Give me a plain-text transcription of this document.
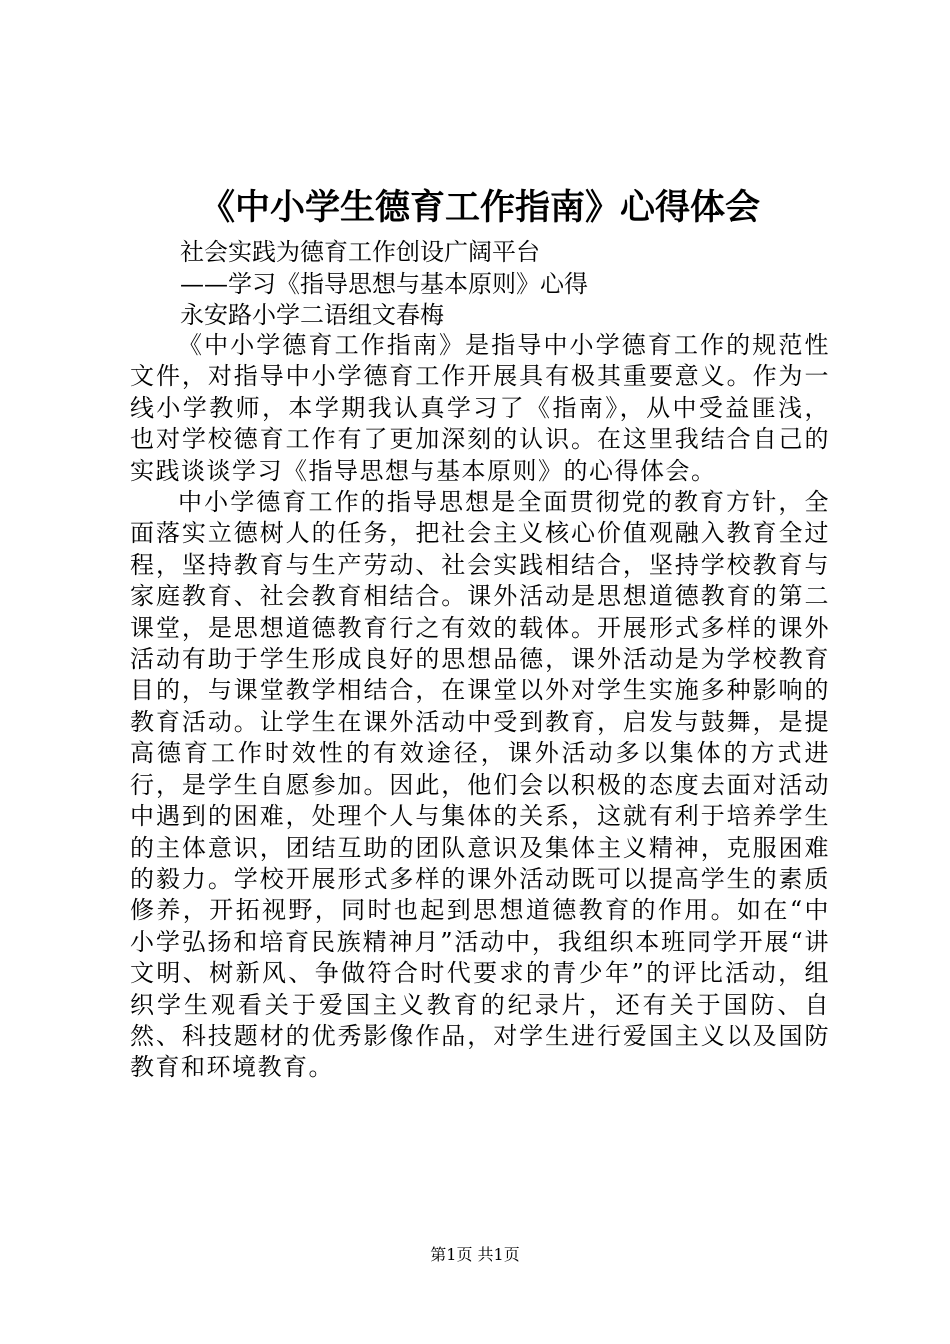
《中小学生德育工作指南》心得体会

社会实践为德育工作创设广阔平台

——学习《指导思想与基本原则》心得

永安路小学二语组文春梅

《中小学德育工作指南》是指导中小学德育工作的规范性文件，对指导中小学德育工作开展具有极其重要意义。作为一线小学教师，本学期我认真学习了《指南》，从中受益匪浅，也对学校德育工作有了更加深刻的认识。在这里我结合自己的实践谈谈学习《指导思想与基本原则》的心得体会。

中小学德育工作的指导思想是全面贯彻党的教育方针，全面落实立德树人的任务，把社会主义核心价值观融入教育全过程，坚持教育与生产劳动、社会实践相结合，坚持学校教育与家庭教育、社会教育相结合。课外活动是思想道德教育的第二课堂，是思想道德教育行之有效的载体。开展形式多样的课外活动有助于学生形成良好的思想品德，课外活动是为学校教育目的，与课堂教学相结合，在课堂以外对学生实施多种影响的教育活动。让学生在课外活动中受到教育，启发与鼓舞，是提高德育工作时效性的有效途径，课外活动多以集体的方式进行，是学生自愿参加。因此，他们会以积极的态度去面对活动中遇到的困难，处理个人与集体的关系，这就有利于培养学生的主体意识，团结互助的团队意识及集体主义精神，克服困难的毅力。学校开展形式多样的课外活动既可以提高学生的素质修养，开拓视野，同时也起到思想道德教育的作用。如在“中小学弘扬和培育民族精神月”活动中，我组织本班同学开展“讲文明、树新风、争做符合时代要求的青少年”的评比活动，组织学生观看关于爱国主义教育的纪录片，还有关于国防、自然、科技题材的优秀影像作品，对学生进行爱国主义以及国防教育和环境教育。

第1页 共1页
